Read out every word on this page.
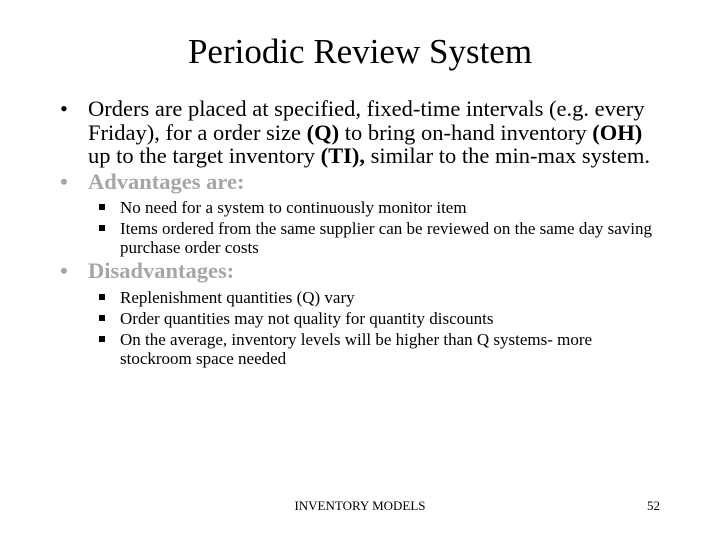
Periodic Review System
• Orders are placed at specified, fixed-time intervals (e.g. every Friday), for a order size (Q) to bring on-hand inventory (OH) up to the target inventory (TI), similar to the min-max system.
• Advantages are:
No need for a system to continuously monitor item
Items ordered from the same supplier can be reviewed on the same day saving purchase order costs
• Disadvantages:
Replenishment quantities (Q) vary
Order quantities may not quality for quantity discounts
On the average, inventory levels will be higher than Q systems- more stockroom space needed
INVENTORY MODELS	52
